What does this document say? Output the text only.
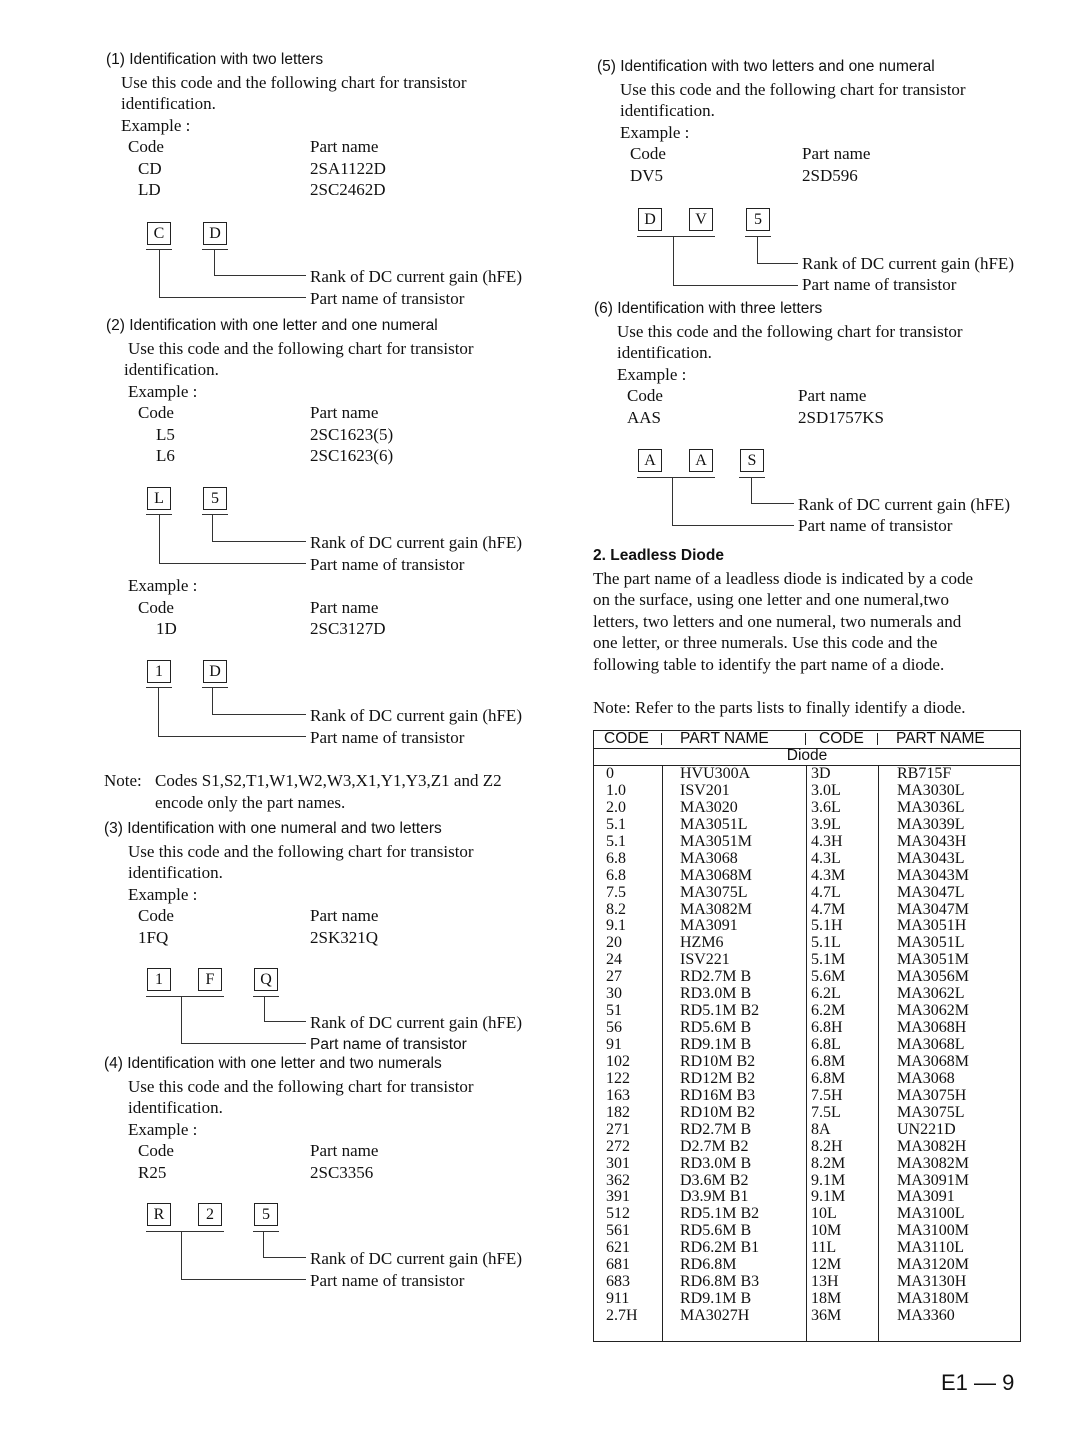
(1) Identification with two letters
Use this code and the following chart for transistor
identification.
Example :
Code	Part name
CD	2SA1122D
LD	2SC2462D
C	D
Rank of DC current gain (hFE)
Part name of transistor
(2) Identification with one letter and one numeral
Use this code and the following chart for transistor
identification.
Example :
Code	Part name
L5	2SC1623(5)
L6	2SC1623(6)
L	5
Rank of DC current gain (hFE)
Part name of transistor
Example :
Code	Part name
1D	2SC3127D
1	D
Rank of DC current gain (hFE)
Part name of transistor
Note: Codes S1,S2,T1,W1,W2,W3,X1,Y1,Y3,Z1 and Z2
encode only the part names.
(3) Identification with one numeral and two letters
Use this code and the following chart for transistor
identification.
Example :
Code	Part name
1FQ	2SK321Q
1	F	Q
Rank of DC current gain (hFE)
Part name of transistor
(4) Identification with one letter and two numerals
Use this code and the following chart for transistor
identification.
Example :
Code	Part name
R25	2SC3356
R	2	5
Rank of DC current gain (hFE)
Part name of transistor
(5) Identification with two letters and one numeral
Use this code and the following chart for transistor
identification.
Example :
Code	Part name
DV5	2SD596
D	V	5
Rank of DC current gain (hFE)
Part name of transistor
(6) Identification with three letters
Use this code and the following chart for transistor
identification.
Example :
Code	Part name
AAS	2SD1757KS
A	A	S
Rank of DC current gain (hFE)
Part name of transistor
2. Leadless Diode
The part name of a leadless diode is indicated by a code
on the surface, using one letter and one numeral,two
letters, two letters and one numeral, two numerals and
one letter, or three numerals. Use this code and the
following table to identify the part name of a diode.
Note: Refer to the parts lists to finally identify a diode.
CODE PART NAME	CODE PART NAME
Diode
0	HVU300A	3D	RB715F
1.0	ISV201	3.0L	MA3030L
2.0	MA3020	3.6L	MA3036L
5.1	MA3051L	3.9L	MA3039L
5.1	MA3051M	4.3H	MA3043H
6.8	MA3068	4.3L	MA3043L
6.8	MA3068M	4.3M	MA3043M
7.5	MA3075L	4.7L	MA3047L
8.2	MA3082M	4.7M	MA3047M
9.1	MA3091	5.1H	MA3051H
20	HZM6	5.1L	MA3051L
24	ISV221	5.1M	MA3051M
27	RD2.7M B	5.6M	MA3056M
30	RD3.0M B	6.2L	MA3062L
51	RD5.1M B2	6.2M	MA3062M
56	RD5.6M B	6.8H	MA3068H
91	RD9.1M B	6.8L	MA3068L
102	RD10M B2	6.8M	MA3068M
122	RD12M B2	6.8M	MA3068
163	RD16M B3	7.5H	MA3075H
182	RD10M B2	7.5L	MA3075L
271	RD2.7M B	8A	UN221D
272	D2.7M B2	8.2H	MA3082H
301	RD3.0M B	8.2M	MA3082M
362	D3.6M B2	9.1M	MA3091M
391	D3.9M B1	9.1M	MA3091
512	RD5.1M B2	10L	MA3100L
561	RD5.6M B	10M	MA3100M
621	RD6.2M B1	11L	MA3110L
681	RD6.8M	12M	MA3120M
683	RD6.8M B3	13H	MA3130H
911	RD9.1M B	18M	MA3180M
2.7H	MA3027H	36M	MA3360
E1 — 9
